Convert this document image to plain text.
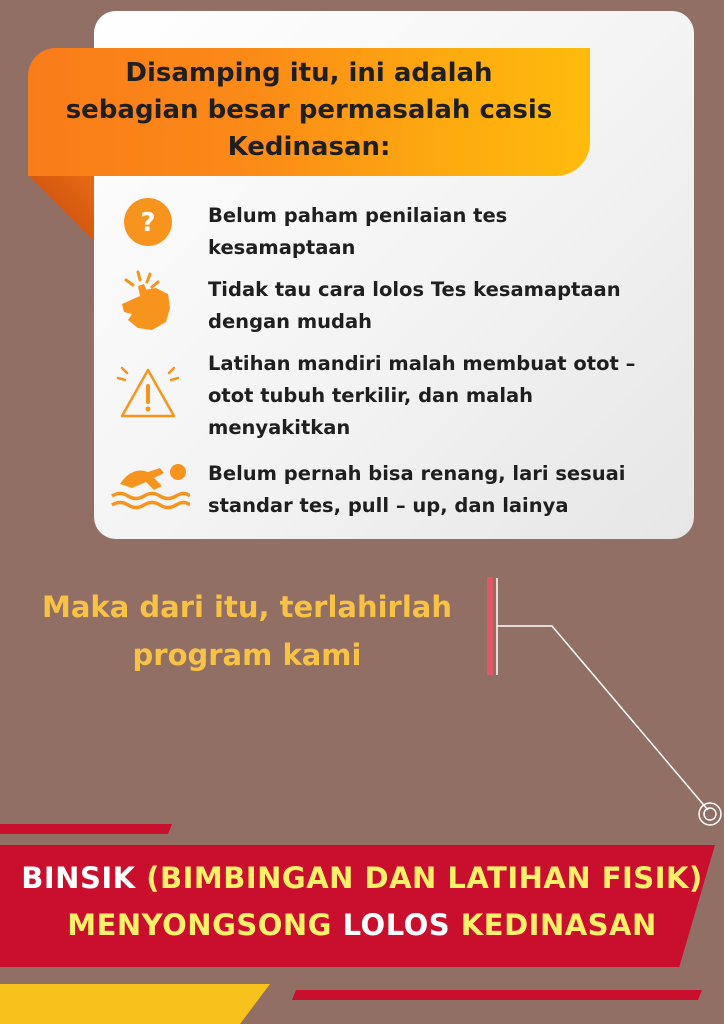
Disamping itu, ini adalah
sebagian besar permasalah casis
Kedinasan:
?	Belum paham penilaian tes
kesamaptaan
Tidak tau cara lolos Tes kesamaptaan
dengan mudah
Latihan mandiri malah membuat otot –
otot tubuh terkilir, dan malah
menyakitkan
Belum pernah bisa renang, lari sesuai
standar tes, pull – up, dan lainya
Maka dari itu, terlahirlah
program kami
BINSIK (BIMBINGAN DAN LATIHAN FISIK)
MENYONGSONG LOLOS KEDINASAN
